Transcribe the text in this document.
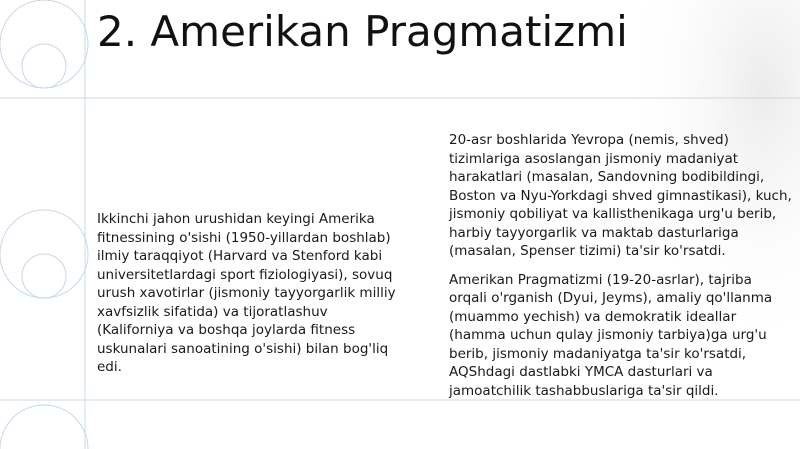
2. Amerikan Pragmatizmi

Ikkinchi jahon urushidan keyingi Amerika fitnessining o'sishi (1950-yillardan boshlab) ilmiy taraqqiyot (Harvard va Stenford kabi universitetlardagi sport fiziologiyasi), sovuq urush xavotirlar (jismoniy tayyorgarlik milliy xavfsizlik sifatida) va tijoratlashuv (Kaliforniya va boshqa joylarda fitness uskunalari sanoatining o'sishi) bilan bog'liq edi.

20-asr boshlarida Yevropa (nemis, shved) tizimlariga asoslangan jismoniy madaniyat harakatlari (masalan, Sandovning bodibildingi, Boston va Nyu-Yorkdagi shved gimnastikasi), kuch, jismoniy qobiliyat va kallisthenikaga urg'u berib, harbiy tayyorgarlik va maktab dasturlariga (masalan, Spenser tizimi) ta'sir ko'rsatdi.

Amerikan Pragmatizmi (19-20-asrlar), tajriba orqali o'rganish (Dyui, Jeyms), amaliy qo'llanma (muammo yechish) va demokratik ideallar (hamma uchun qulay jismoniy tarbiya)ga urg'u berib, jismoniy madaniyatga ta'sir ko'rsatdi, AQShdagi dastlabki YMCA dasturlari va jamoatchilik tashabbuslariga ta'sir qildi.
